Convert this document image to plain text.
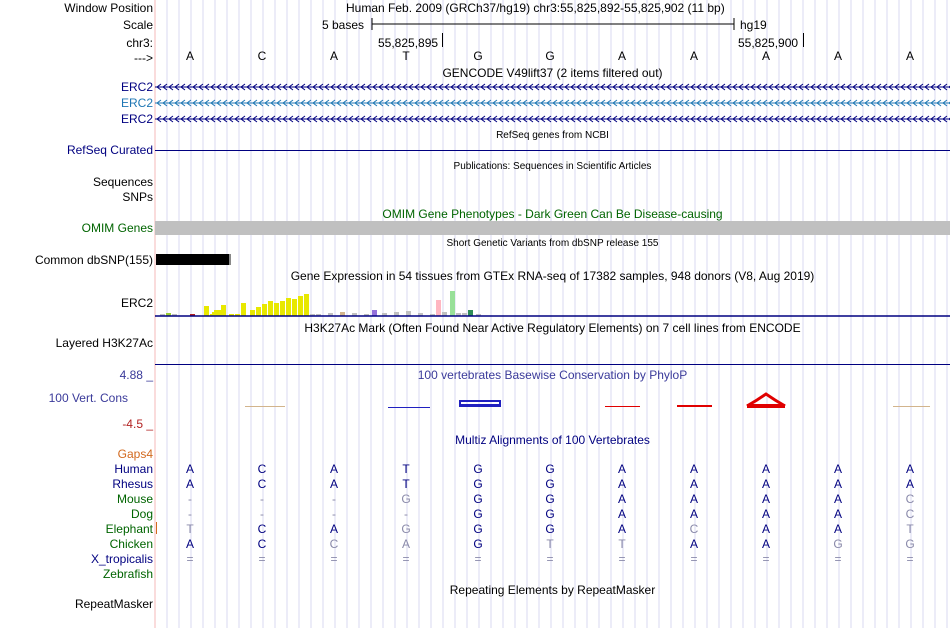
Window Position
Scale
chr3:
--->
Human Feb. 2009 (GRCh37/hg19) chr3:55,825,892-55,825,902 (11 bp)
5 bases	hg19
55,825,895	55,825,900
A	C	A	T	G	G	A	A	A	A	A
GENCODE V49lift37 (2 items filtered out)
ERC2
ERC2
ERC2
RefSeq genes from NCBI
RefSeq Curated
Publications: Sequences in Scientific Articles
Sequences
SNPs
OMIM Gene Phenotypes - Dark Green Can Be Disease-causing
OMIM Genes
Short Genetic Variants from dbSNP release 155
Common dbSNP(155)
Gene Expression in 54 tissues from GTEx RNA-seq of 17382 samples, 948 donors (V8, Aug 2019)
ERC2
H3K27Ac Mark (Often Found Near Active Regulatory Elements) on 7 cell lines from ENCODE
Layered H3K27Ac
100 vertebrates Basewise Conservation by PhyloP
4.88 _
100 Vert. Cons
-4.5 _
Multiz Alignments of 100 Vertebrates
Gaps4
Human	A	C	A	T	G	G	A	A	A	A	A
Rhesus	A	C	A	T	G	G	A	A	A	A	A
Mouse	-	-	-	G	G	G	A	A	A	A	C
Dog	-	-	-	-	G	G	A	A	A	A	C
Elephant	T	C	A	G	G	G	A	C	A	A	T
Chicken	A	C	C	A	G	T	T	A	A	G	G
X_tropicalis	=	=	=	=	=	=	=	=	=	=	=
Zebrafish
Repeating Elements by RepeatMasker
RepeatMasker
